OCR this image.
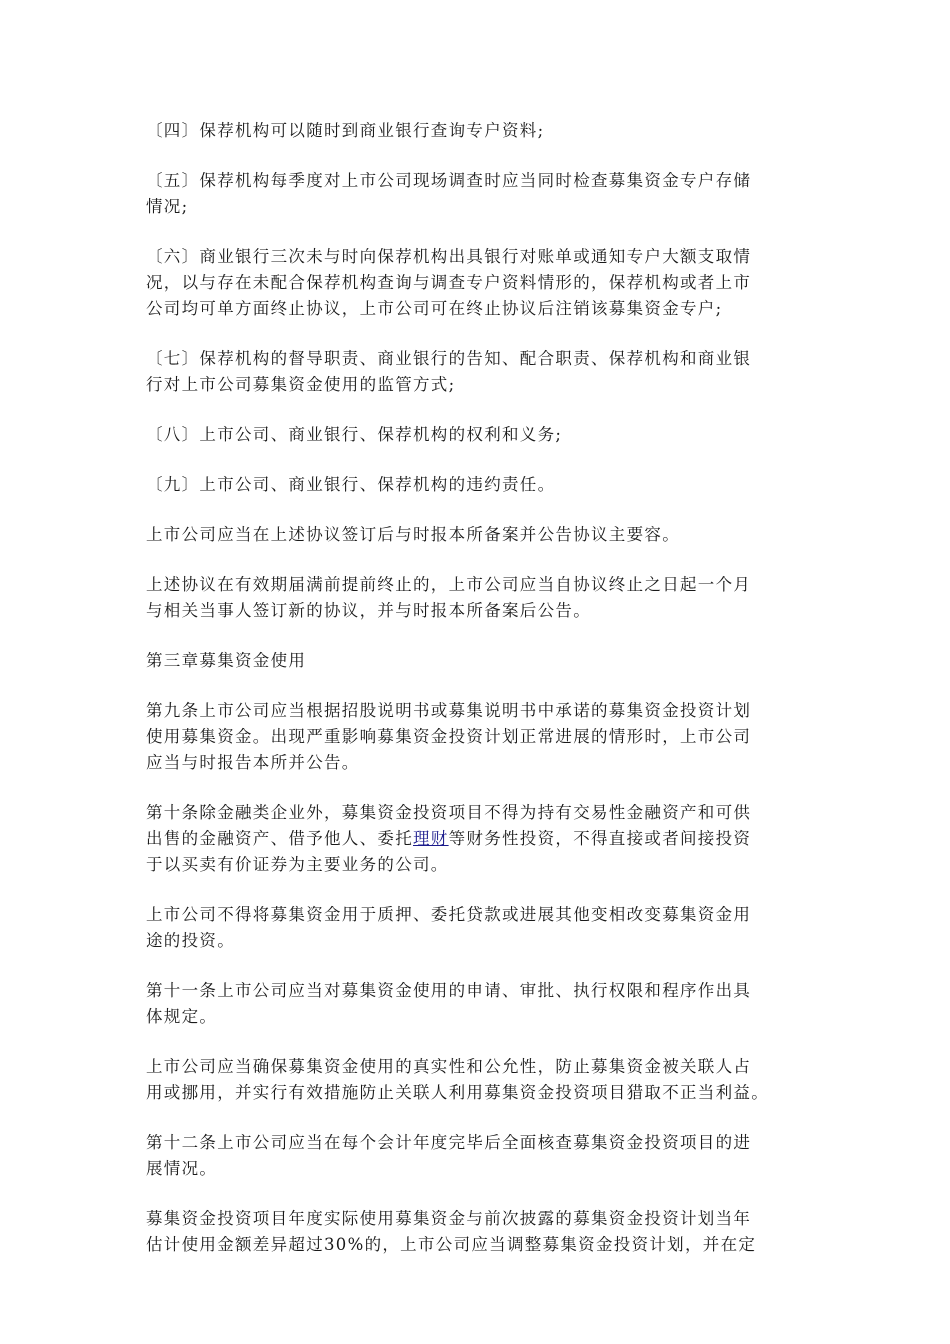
〔四〕保荐机构可以随时到商业银行查询专户资料;

〔五〕保荐机构每季度对上市公司现场调查时应当同时检查募集资金专户存储
情况;

〔六〕商业银行三次未与时向保荐机构出具银行对账单或通知专户大额支取情
况，以与存在未配合保荐机构查询与调查专户资料情形的，保荐机构或者上市
公司均可单方面终止协议，上市公司可在终止协议后注销该募集资金专户;

〔七〕保荐机构的督导职责、商业银行的告知、配合职责、保荐机构和商业银
行对上市公司募集资金使用的监管方式;

〔八〕上市公司、商业银行、保荐机构的权利和义务;

〔九〕上市公司、商业银行、保荐机构的违约责任。

上市公司应当在上述协议签订后与时报本所备案并公告协议主要容。

上述协议在有效期届满前提前终止的，上市公司应当自协议终止之日起一个月
与相关当事人签订新的协议，并与时报本所备案后公告。

第三章募集资金使用

第九条上市公司应当根据招股说明书或募集说明书中承诺的募集资金投资计划
使用募集资金。出现严重影响募集资金投资计划正常进展的情形时，上市公司
应当与时报告本所并公告。

第十条除金融类企业外，募集资金投资项目不得为持有交易性金融资产和可供
出售的金融资产、借予他人、委托理财等财务性投资，不得直接或者间接投资
于以买卖有价证券为主要业务的公司。

上市公司不得将募集资金用于质押、委托贷款或进展其他变相改变募集资金用
途的投资。

第十一条上市公司应当对募集资金使用的申请、审批、执行权限和程序作出具
体规定。

上市公司应当确保募集资金使用的真实性和公允性，防止募集资金被关联人占
用或挪用，并实行有效措施防止关联人利用募集资金投资项目猎取不正当利益。

第十二条上市公司应当在每个会计年度完毕后全面核查募集资金投资项目的进
展情况。

募集资金投资项目年度实际使用募集资金与前次披露的募集资金投资计划当年
估计使用金额差异超过30%的，上市公司应当调整募集资金投资计划，并在定
